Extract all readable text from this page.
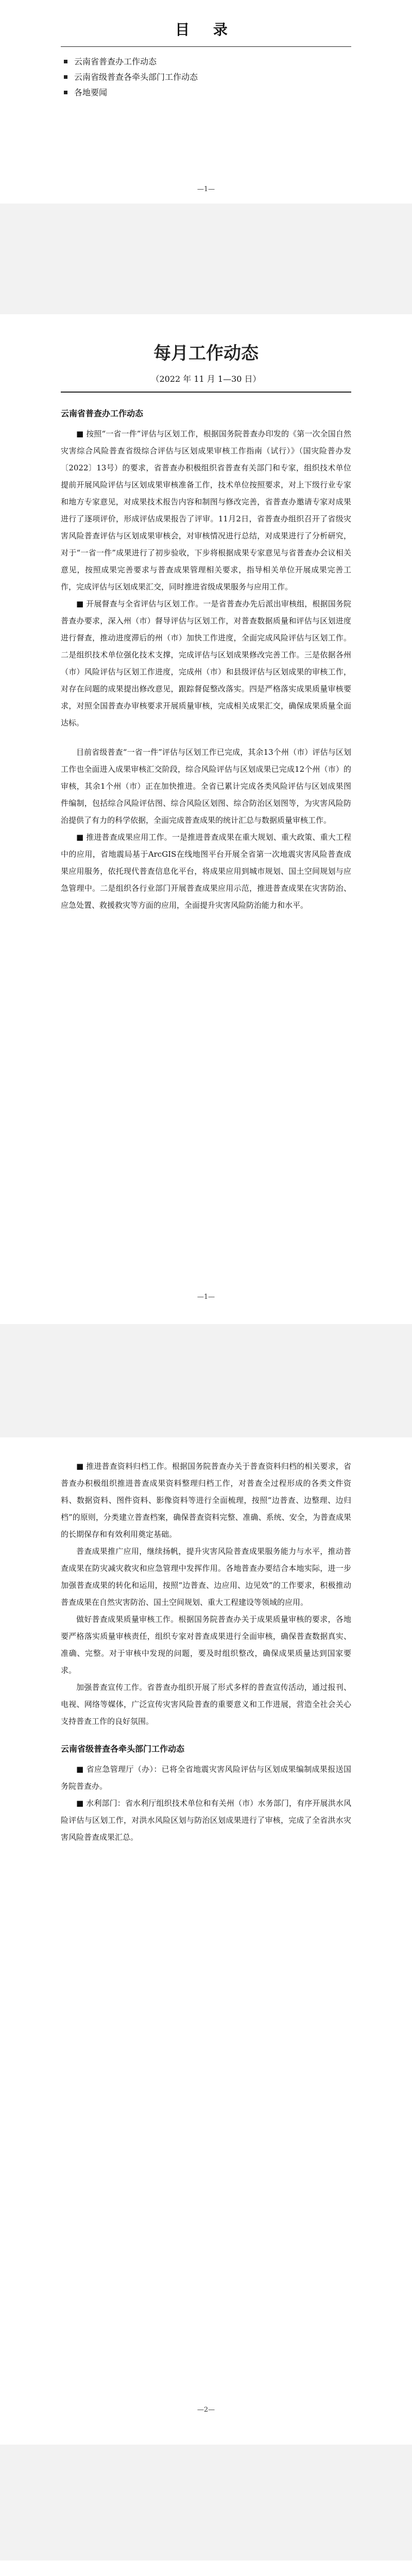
目 录
云南省普查办工作动态
云南省级普查各牵头部门工作动态
各地要闻
—1—
每月工作动态
（2022 年 11 月 1—30 日）
云南省普查办工作动态

■ 按照“一省一件”评估与区划工作，根据国务院普查办印发的《第一次全国自然灾害综合风险普查省级综合评估与区划成果审核工作指南（试行）》（国灾险普办发〔2022〕13号）的要求，省普查办积极组织省普查有关部门和专家，组织技术单位提前开展风险评估与区划成果审核准备工作，技术单位按照要求，对上下级行业专家和地方专家意见，对成果技术报告内容和制图与修改完善，省普查办邀请专家对成果进行了逐项评价，形成评估成果报告了评审。11月2日，省普查办组织召开了省级灾害风险普查评估与区划成果审核会，对审核情况进行总结，对成果进行了分析研究，对于“一省一件”成果进行了初步验收，下步将根据成果专家意见与省普查办会议相关意见，按照成果完善要求与普查成果管理相关要求，指导相关单位开展成果完善工作，完成评估与区划成果汇交，同时推进省级成果服务与应用工作。

■ 开展督查与全省评估与区划工作。一是省普查办先后派出审核组，根据国务院普查办要求，深入州（市）督导评估与区划工作，对普查数据质量和评估与区划进度进行督查，推动进度滞后的州（市）加快工作进度，全面完成风险评估与区划工作。二是组织技术单位强化技术支撑，完成评估与区划成果修改完善工作。三是依据各州（市）风险评估与区划工作进度，完成州（市）和县级评估与区划成果的审核工作，对存在问题的成果提出修改意见，跟踪督促整改落实。四是严格落实成果质量审核要求，对照全国普查办审核要求开展质量审核，完成相关成果汇交，确保成果质量全面达标。

目前省级普查“一省一件”评估与区划工作已完成，其余13个州（市）评估与区划工作也全面进入成果审核汇交阶段，综合风险评估与区划成果已完成12个州（市）的审核，其余1个州（市）正在加快推进。全省已累计完成各类风险评估与区划成果图件编制，包括综合风险评估图、综合风险区划图、综合防治区划图等，为灾害风险防治提供了有力的科学依据，全面完成普查成果的统计汇总与数据质量审核工作。

■ 推进普查成果应用工作。一是推进普查成果在重大规划、重大政策、重大工程中的应用，省地震局基于ArcGIS在线地图平台开展全省第一次地震灾害风险普查成果应用服务，依托现代普查信息化平台，将成果应用到城市规划、国土空间规划与应急管理中。二是组织各行业部门开展普查成果应用示范，推进普查成果在灾害防治、应急处置、救援救灾等方面的应用，全面提升灾害风险防治能力和水平。

—1—

■ 推进普查资料归档工作。根据国务院普查办关于普查资料归档的相关要求，省普查办积极组织推进普查成果资料整理归档工作，对普查全过程形成的各类文件资料、数据资料、图件资料、影像资料等进行全面梳理，按照“边普查、边整理、边归档”的原则，分类建立普查档案，确保普查资料完整、准确、系统、安全，为普查成果的长期保存和有效利用奠定基础。

普查成果推广应用，继续扬帆，提升灾害风险普查成果服务能力与水平，推动普查成果在防灾减灾救灾和应急管理中发挥作用。各地普查办要结合本地实际，进一步加强普查成果的转化和运用，按照“边普查、边应用、边见效”的工作要求，积极推动普查成果在自然灾害防治、国土空间规划、重大工程建设等领域的应用。

做好普查成果质量审核工作。根据国务院普查办关于成果质量审核的要求，各地要严格落实质量审核责任，组织专家对普查成果进行全面审核，确保普查数据真实、准确、完整。对于审核中发现的问题，要及时组织整改，确保成果质量达到国家要求。

加强普查宣传工作。省普查办组织开展了形式多样的普查宣传活动，通过报刊、电视、网络等媒体，广泛宣传灾害风险普查的重要意义和工作进展，营造全社会关心支持普查工作的良好氛围。

云南省级普查各牵头部门工作动态

■ 省应急管理厅（办）：已将全省地震灾害风险评估与区划成果编制成果报送国务院普查办。

■ 水利部门：省水利厅组织技术单位和有关州（市）水务部门，有序开展洪水风险评估与区划工作，对洪水风险区划与防治区划成果进行了审核，完成了全省洪水灾害风险普查成果汇总。

—2—
